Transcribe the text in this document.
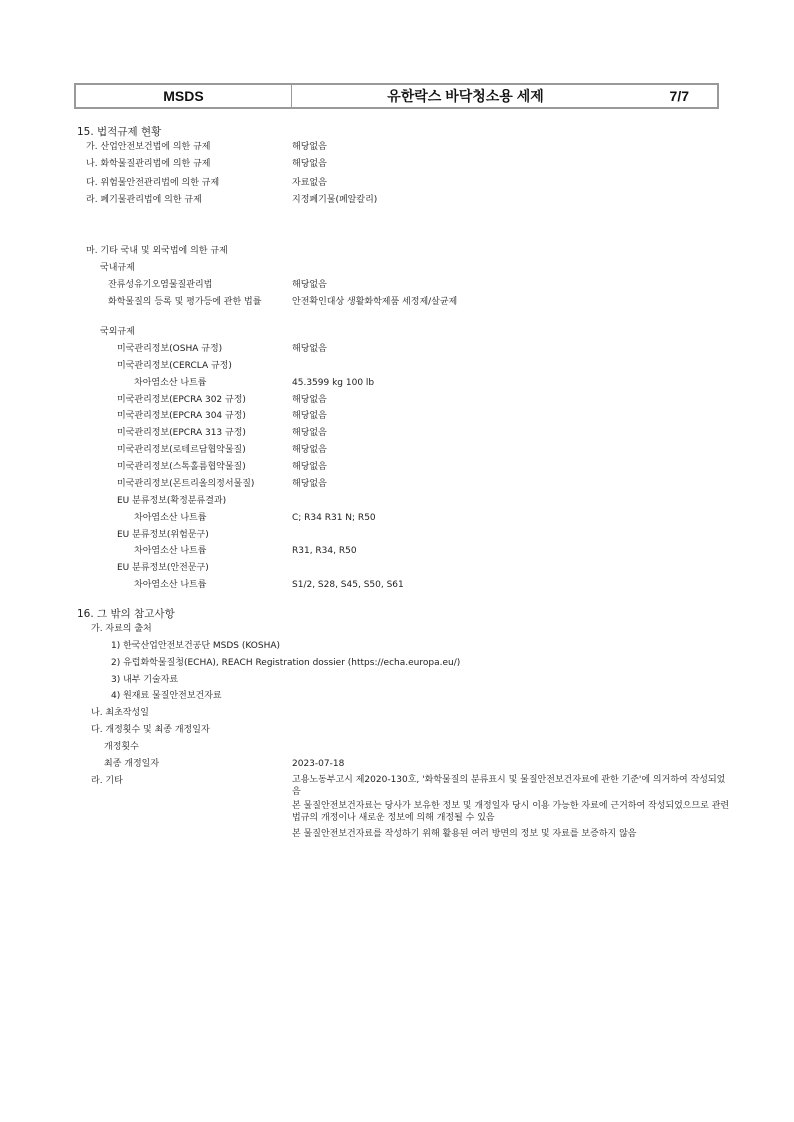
MSDS	유한락스 바닥청소용 세제	7/7
15. 법적규제 현황
가. 산업안전보건법에 의한 규제	해당없음
나. 화학물질관리법에 의한 규제	해당없음
다. 위험물안전관리법에 의한 규제	자료없음
라. 폐기물관리법에 의한 규제	지정폐기물(폐알칼리)
마. 기타 국내 및 외국법에 의한 규제
국내규제
잔류성유기오염물질관리법	해당없음
화학물질의 등록 및 평가등에 관한 법률	안전확인대상 생활화학제품 세정제/살균제
국외규제
미국관리정보(OSHA 규정)	해당없음
미국관리정보(CERCLA 규정)
차아염소산 나트륨	45.3599 kg 100 lb
미국관리정보(EPCRA 302 규정)	해당없음
미국관리정보(EPCRA 304 규정)	해당없음
미국관리정보(EPCRA 313 규정)	해당없음
미국관리정보(로테르담협약물질)	해당없음
미국관리정보(스톡홀름협약물질)	해당없음
미국관리정보(몬트리올의정서물질)	해당없음
EU 분류정보(확정분류결과)
차아염소산 나트륨	C; R34 R31 N; R50
EU 분류정보(위험문구)
차아염소산 나트륨	R31, R34, R50
EU 분류정보(안전문구)
차아염소산 나트륨	S1/2, S28, S45, S50, S61
16. 그 밖의 참고사항
가. 자료의 출처
1) 한국산업안전보건공단 MSDS (KOSHA)
2) 유럽화학물질청(ECHA), REACH Registration dossier (https://echa.europa.eu/)
3) 내부 기술자료
4) 원재료 물질안전보건자료
나. 최초작성일
다. 개정횟수 및 최종 개정일자
개정횟수
최종 개정일자	2023-07-18
라. 기타	고용노동부고시 제2020-130호, '화학물질의 분류표시 및 물질안전보건자료에 관한 기준'에 의거하여 작성되었음
본 물질안전보건자료는 당사가 보유한 정보 및 개정일자 당시 이용 가능한 자료에 근거하여 작성되었으므로 관련 법규의 개정이나 새로운 정보에 의해 개정될 수 있음
본 물질안전보건자료를 작성하기 위해 활용된 여러 방면의 정보 및 자료를 보증하지 않음
